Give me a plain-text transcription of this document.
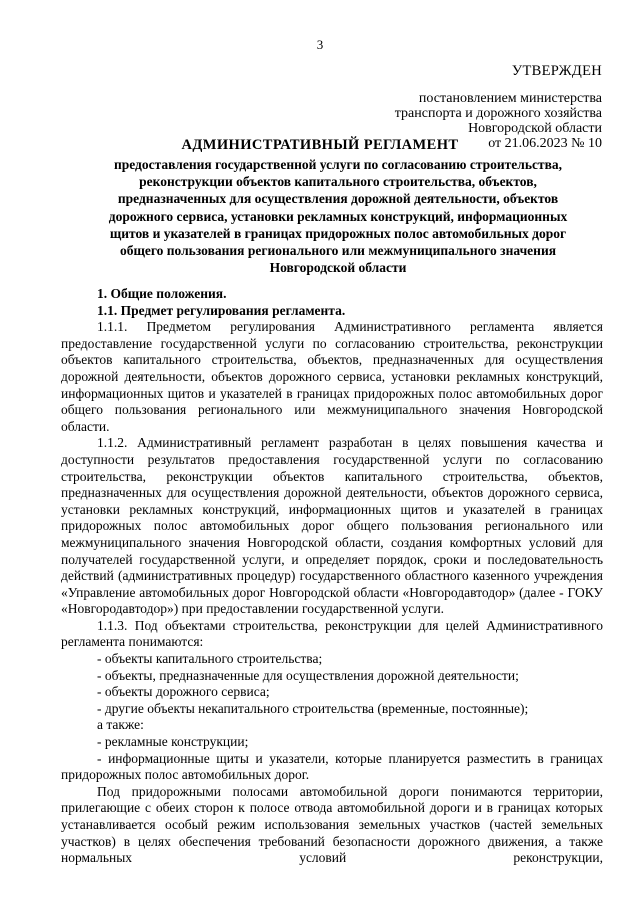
3
УТВЕРЖДЕН
постановлением министерства
транспорта и дорожного хозяйства
Новгородской области
от 21.06.2023 № 10
АДМИНИСТРАТИВНЫЙ РЕГЛАМЕНТ
предоставления государственной услуги по согласованию строительства, реконструкции объектов капитального строительства, объектов, предназначенных для осуществления дорожной деятельности, объектов дорожного сервиса, установки рекламных конструкций, информационных щитов и указателей в границах придорожных полос автомобильных дорог общего пользования регионального или межмуниципального значения Новгородской области

1. Общие положения.

1.1. Предмет регулирования регламента.

1.1.1. Предметом регулирования Административного регламента является предоставление государственной услуги по согласованию строительства, реконструкции объектов капитального строительства, объектов, предназначенных для осуществления дорожной деятельности, объектов дорожного сервиса, установки рекламных конструкций, информационных щитов и указателей в границах придорожных полос автомобильных дорог общего пользования регионального или межмуниципального значения Новгородской области.

1.1.2. Административный регламент разработан в целях повышения качества и доступности результатов предоставления государственной услуги по согласованию строительства, реконструкции объектов капитального строительства, объектов, предназначенных для осуществления дорожной деятельности, объектов дорожного сервиса, установки рекламных конструкций, информационных щитов и указателей в границах придорожных полос автомобильных дорог общего пользования регионального или межмуниципального значения Новгородской области, создания комфортных условий для получателей государственной услуги, и определяет порядок, сроки и последовательность действий (административных процедур) государственного областного казенного учреждения «Управление автомобильных дорог Новгородской области «Новгородавтодор» (далее - ГОКУ «Новгородавтодор») при предоставлении государственной услуги.

1.1.3. Под объектами строительства, реконструкции для целей Административного регламента понимаются:

- объекты капитального строительства;

- объекты, предназначенные для осуществления дорожной деятельности;

- объекты дорожного сервиса;

- другие объекты некапитального строительства (временные, постоянные);

а также:

- рекламные конструкции;

- информационные щиты и указатели, которые планируется разместить в границах придорожных полос автомобильных дорог.

Под придорожными полосами автомобильной дороги понимаются территории, прилегающие с обеих сторон к полосе отвода автомобильной дороги и в границах которых устанавливается особый режим использования земельных участков (частей земельных участков) в целях обеспечения требований безопасности дорожного движения, а также нормальных условий реконструкции,
